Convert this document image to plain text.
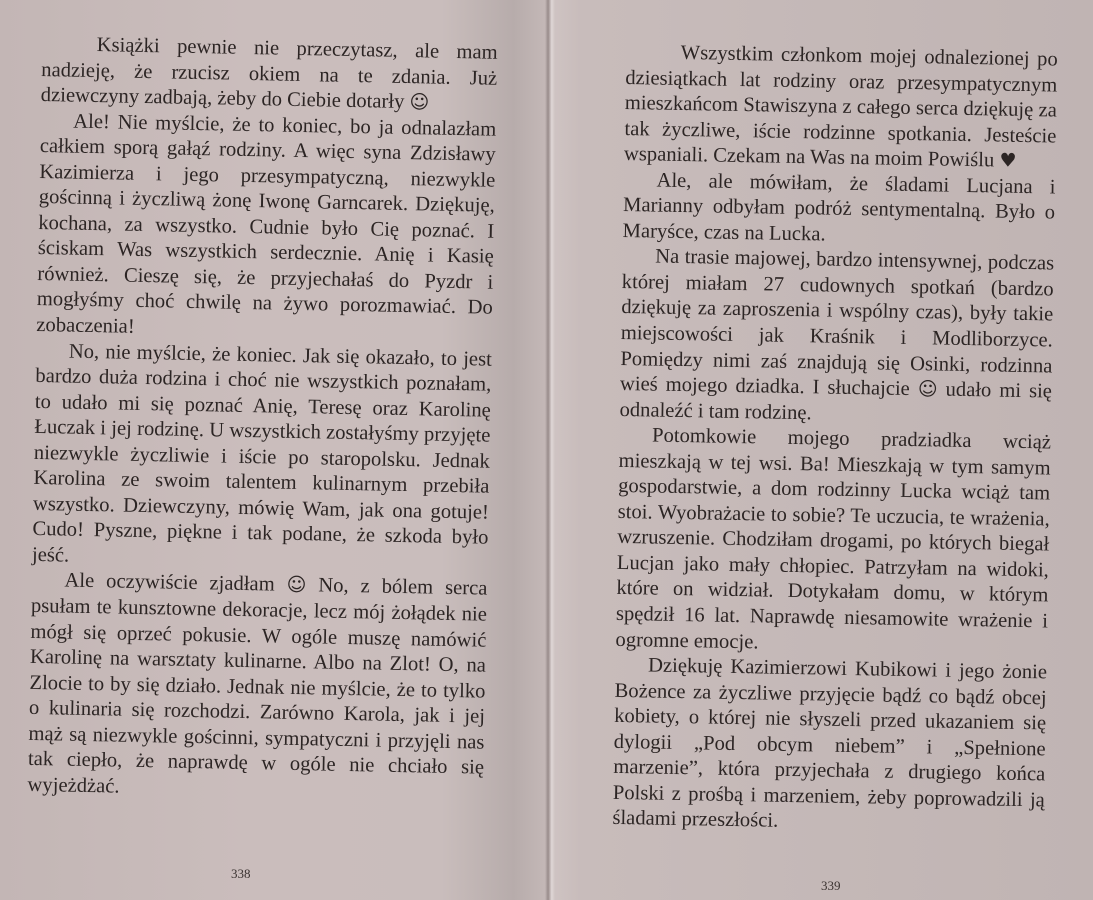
Książki pewnie nie przeczytasz, ale mam nadzieję, że rzucisz okiem na te zdania. Już dziewczyny zadbają, żeby do Ciebie dotarły ☺

Ale! Nie myślcie, że to koniec, bo ja odnalazłam całkiem sporą gałąź rodziny. A więc syna Zdzisławy Kazimierza i jego przesympatyczną, niezwykle gościnną i życzliwą żonę Iwonę Garncarek. Dziękuję, kochana, za wszystko. Cudnie było Cię poznać. I ściskam Was wszystkich serdecznie. Anię i Kasię również. Cieszę się, że przyjechałaś do Pyzdr i mogłyśmy choć chwilę na żywo porozmawiać. Do zobaczenia!

No, nie myślcie, że koniec. Jak się okazało, to jest bardzo duża rodzina i choć nie wszystkich poznałam, to udało mi się poznać Anię, Teresę oraz Karolinę Łuczak i jej rodzinę. U wszystkich zostałyśmy przyjęte niezwykle życzliwie i iście po staropolsku. Jednak Karolina ze swoim talentem kulinarnym przebiła wszystko. Dziewczyny, mówię Wam, jak ona gotuje! Cudo! Pyszne, piękne i tak podane, że szkoda było jeść.

Ale oczywiście zjadłam ☺ No, z bólem serca psułam te kunsztowne dekoracje, lecz mój żołądek nie mógł się oprzeć pokusie. W ogóle muszę namówić Karolinę na warsztaty kulinarne. Albo na Zlot! O, na Zlocie to by się działo. Jednak nie myślcie, że to tylko o kulinaria się rozchodzi. Zarówno Karola, jak i jej mąż są niezwykle gościnni, sympatyczni i przyjęli nas tak ciepło, że naprawdę w ogóle nie chciało się wyjeżdżać.

338

Wszystkim członkom mojej odnalezionej po dziesiątkach lat rodziny oraz przesympatycznym mieszkańcom Stawiszyna z całego serca dziękuję za tak życzliwe, iście rodzinne spotkania. Jesteście wspaniali. Czekam na Was na moim Powiślu ♥

Ale, ale mówiłam, że śladami Lucjana i Marianny odbyłam podróż sentymentalną. Było o Maryśce, czas na Lucka.

Na trasie majowej, bardzo intensywnej, podczas której miałam 27 cudownych spotkań (bardzo dziękuję za zaproszenia i wspólny czas), były takie miejscowości jak Kraśnik i Modliborzyce. Pomiędzy nimi zaś znajdują się Osinki, rodzinna wieś mojego dziadka. I słuchajcie ☺ udało mi się odnaleźć i tam rodzinę.

Potomkowie mojego pradziadka wciąż mieszkają w tej wsi. Ba! Mieszkają w tym samym gospodarstwie, a dom rodzinny Lucka wciąż tam stoi. Wyobrażacie to sobie? Te uczucia, te wrażenia, wzruszenie. Chodziłam drogami, po których biegał Lucjan jako mały chłopiec. Patrzyłam na widoki, które on widział. Dotykałam domu, w którym spędził 16 lat. Naprawdę niesamowite wrażenie i ogromne emocje.

Dziękuję Kazimierzowi Kubikowi i jego żonie Bożence za życzliwe przyjęcie bądź co bądź obcej kobiety, o której nie słyszeli przed ukazaniem się dylogii „Pod obcym niebem” i „Spełnione marzenie”, która przyjechała z drugiego końca Polski z prośbą i marzeniem, żeby poprowadzili ją śladami przeszłości.

339
